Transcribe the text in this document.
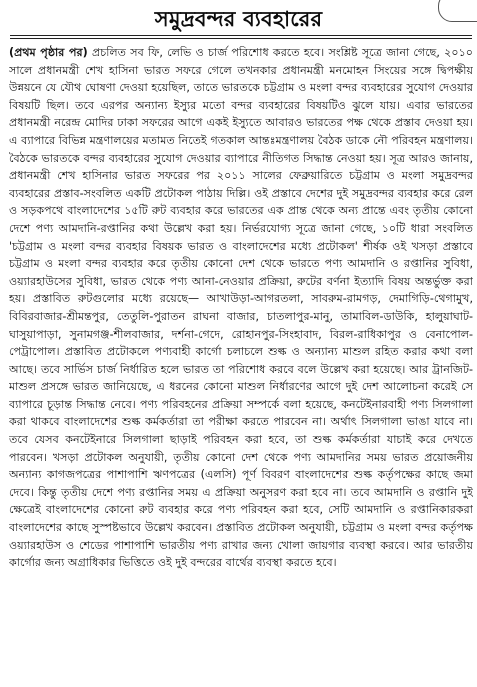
সমুদ্রবন্দর ব্যবহারের

(প্রথম পৃষ্ঠার পর) প্রচলিত সব ফি, লেভি ও চার্জ পরিশোধ করতে হবে। সংশ্লিষ্ট সূত্রে জানা গেছে, ২০১০ সালে প্রধানমন্ত্রী শেখ হাসিনা ভারত সফরে গেলে তখনকার প্রধানমন্ত্রী মনমোহন সিংয়ের সঙ্গে দ্বিপক্ষীয় উন্নয়নে যে যৌথ ঘোষণা দেওয়া হয়েছিল, তাতে ভারতকে চট্টগ্রাম ও মংলা বন্দর ব্যবহারের সুযোগ দেওয়ার বিষয়টি ছিল। তবে এরপর অন্যান্য ইস্যুর মতো বন্দর ব্যবহারের বিষয়টিও ঝুলে যায়। এবার ভারতের প্রধানমন্ত্রী নরেন্দ্র মোদির ঢাকা সফরের আগে একই ইস্যুতে আবারও ভারতের পক্ষ থেকে প্রস্তাব দেওয়া হয়। এ ব্যাপারে বিভিন্ন মন্ত্রণালয়ের মতামত নিতেই গতকাল আন্তঃমন্ত্রণালয় বৈঠক ডাকে নৌ পরিবহন মন্ত্রণালয়। বৈঠকে ভারতকে বন্দর ব্যবহারের সুযোগ দেওয়ার ব্যাপারে নীতিগত সিদ্ধান্ত নেওয়া হয়। সূত্র আরও জানায়, প্রধানমন্ত্রী শেখ হাসিনার ভারত সফরের পর ২০১১ সালের ফেব্রুয়ারিতে চট্টগ্রাম ও মংলা সমুদ্রবন্দর ব্যবহারের প্রস্তাব-সংবলিত একটি প্রটোকল পাঠায় দিল্লি। ওই প্রস্তাবে দেশের দুই সমুদ্রবন্দর ব্যবহার করে রেল ও সড়কপথে বাংলাদেশের ১৫টি রুট ব্যবহার করে ভারতের এক প্রান্ত থেকে অন্য প্রান্তে এবং তৃতীয় কোনো দেশে পণ্য আমদানি-রপ্তানির কথা উল্লেখ করা হয়। নির্ভরযোগ্য সূত্রে জানা গেছে, ১০টি ধারা সংবলিত 'চট্টগ্রাম ও মংলা বন্দর ব্যবহার বিষয়ক ভারত ও বাংলাদেশের মধ্যে প্রটোকল' শীর্ষক ওই খসড়া প্রস্তাবে চট্টগ্রাম ও মংলা বন্দর ব্যবহার করে তৃতীয় কোনো দেশ থেকে ভারতে পণ্য আমদানি ও রপ্তানির সুবিধা, ওয়্যারহাউসের সুবিধা, ভারত থেকে পণ্য আনা-নেওয়ার প্রক্রিয়া, রুটের বর্ণনা ইত্যাদি বিষয় অন্তর্ভুক্ত করা হয়। প্রস্তাবিত রুটগুলোর মধ্যে রয়েছে— আখাউড়া-আগরতলা, সাবরুম-রামগড়, দেমাগিড়ি-থেগামুখ, বিবিরবাজার-শ্রীমন্তপুর, তেতুলি-পুরাতন রাঘনা বাজার, চাতলাপুর-মানু, তামাবিল-ডাউকি, হালুয়াঘাট-ঘাসুয়াপাড়া, সুনামগঞ্জ-শীলবাজার, দর্শনা-গেদে, রোহানপুর-সিংহাবাদ, বিরল-রাধিকাপুর ও বেনাপোল-পেট্রাপোল। প্রস্তাবিত প্রটোকলে পণ্যবাহী কার্গো চলাচলে শুল্ক ও অন্যান্য মাশুল রহিত করার কথা বলা আছে। তবে সার্ভিস চার্জ নির্ধারিত হলে ভারত তা পরিশোধ করবে বলে উল্লেখ করা হয়েছে। আর ট্রানজিট-মাশুল প্রসঙ্গে ভারত জানিয়েছে, এ ধরনের কোনো মাশুল নির্ধারণের আগে দুই দেশ আলোচনা করেই সে ব্যাপারে চূড়ান্ত সিদ্ধান্ত নেবে। পণ্য পরিবহনের প্রক্রিয়া সম্পর্কে বলা হয়েছে, কনটেইনারবাহী পণ্য সিলগালা করা থাকবে বাংলাদেশের শুল্ক কর্মকর্তারা তা পরীক্ষা করতে পারবেন না। অর্থাৎ সিলগালা ভাঙা যাবে না। তবে যেসব কনটেইনারে সিলগালা ছাড়াই পরিবহন করা হবে, তা শুল্ক কর্মকর্তারা যাচাই করে দেখতে পারবেন। খসড়া প্রটোকল অনুযায়ী, তৃতীয় কোনো দেশ থেকে পণ্য আমদানির সময় ভারত প্রয়োজনীয় অন্যান্য কাগজপত্রের পাশাপাশি ঋণপত্রের (এলসি) পূর্ণ বিবরণ বাংলাদেশের শুল্ক কর্তৃপক্ষের কাছে জমা দেবে। কিন্তু তৃতীয় দেশে পণ্য রপ্তানির সময় এ প্রক্রিয়া অনুসরণ করা হবে না। তবে আমদানি ও রপ্তানি দুই ক্ষেত্রেই বাংলাদেশের কোনো রুট ব্যবহার করে পণ্য পরিবহন করা হবে, সেটি আমদানি ও রপ্তানিকারকরা বাংলাদেশের কাছে সুস্পষ্টভাবে উল্লেখ করবেন। প্রস্তাবিত প্রটোকল অনুযায়ী, চট্টগ্রাম ও মংলা বন্দর কর্তৃপক্ষ ওয়্যারহাউস ও শেডের পাশাপাশি ভারতীয় পণ্য রাখার জন্য খোলা জায়গার ব্যবস্থা করবে। আর ভারতীয় কার্গোর জন্য অগ্রাধিকার ভিত্তিতে ওই দুই বন্দরের বার্থের ব্যবস্থা করতে হবে।
